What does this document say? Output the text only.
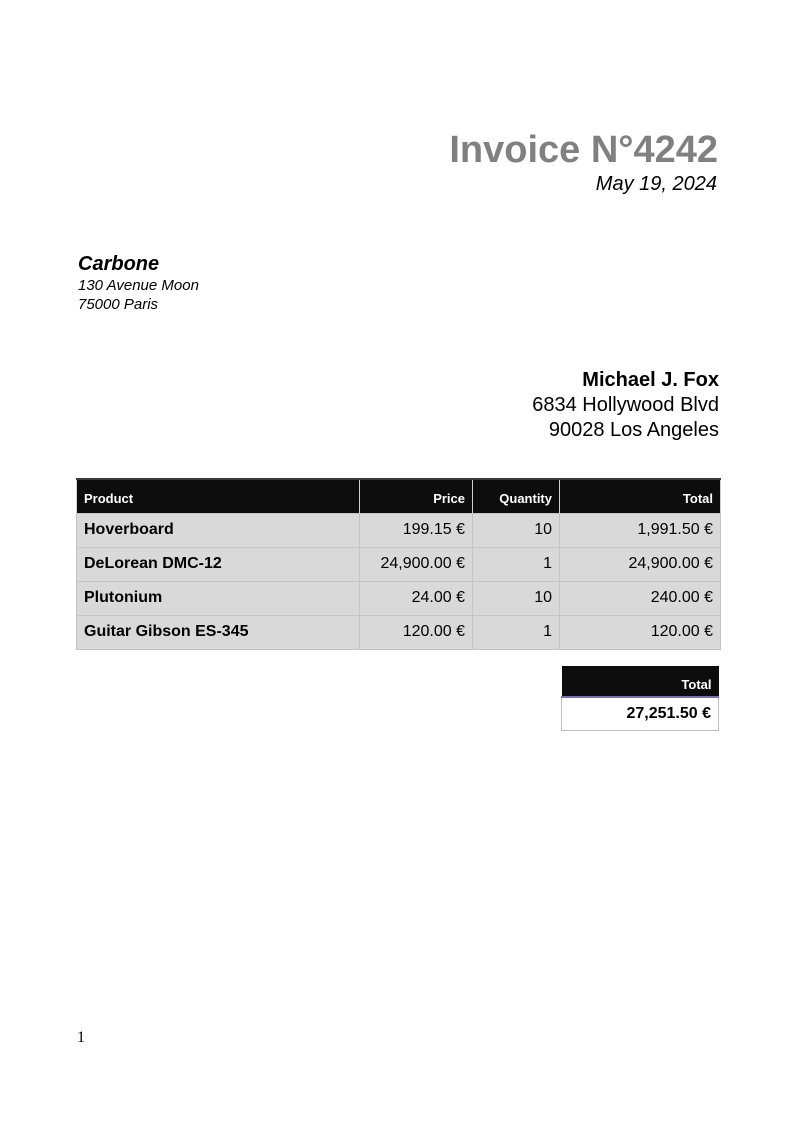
Invoice N°4242
May 19, 2024
Carbone
130 Avenue Moon
75000 Paris
Michael J. Fox
6834 Hollywood Blvd
90028 Los Angeles
Product	Price	Quantity	Total
Hoverboard	199.15 €	10	1,991.50 €
DeLorean DMC-12	24,900.00 €	1	24,900.00 €
Plutonium	24.00 €	10	240.00 €
Guitar Gibson ES-345	120.00 €	1	120.00 €
Total
27,251.50 €
1
